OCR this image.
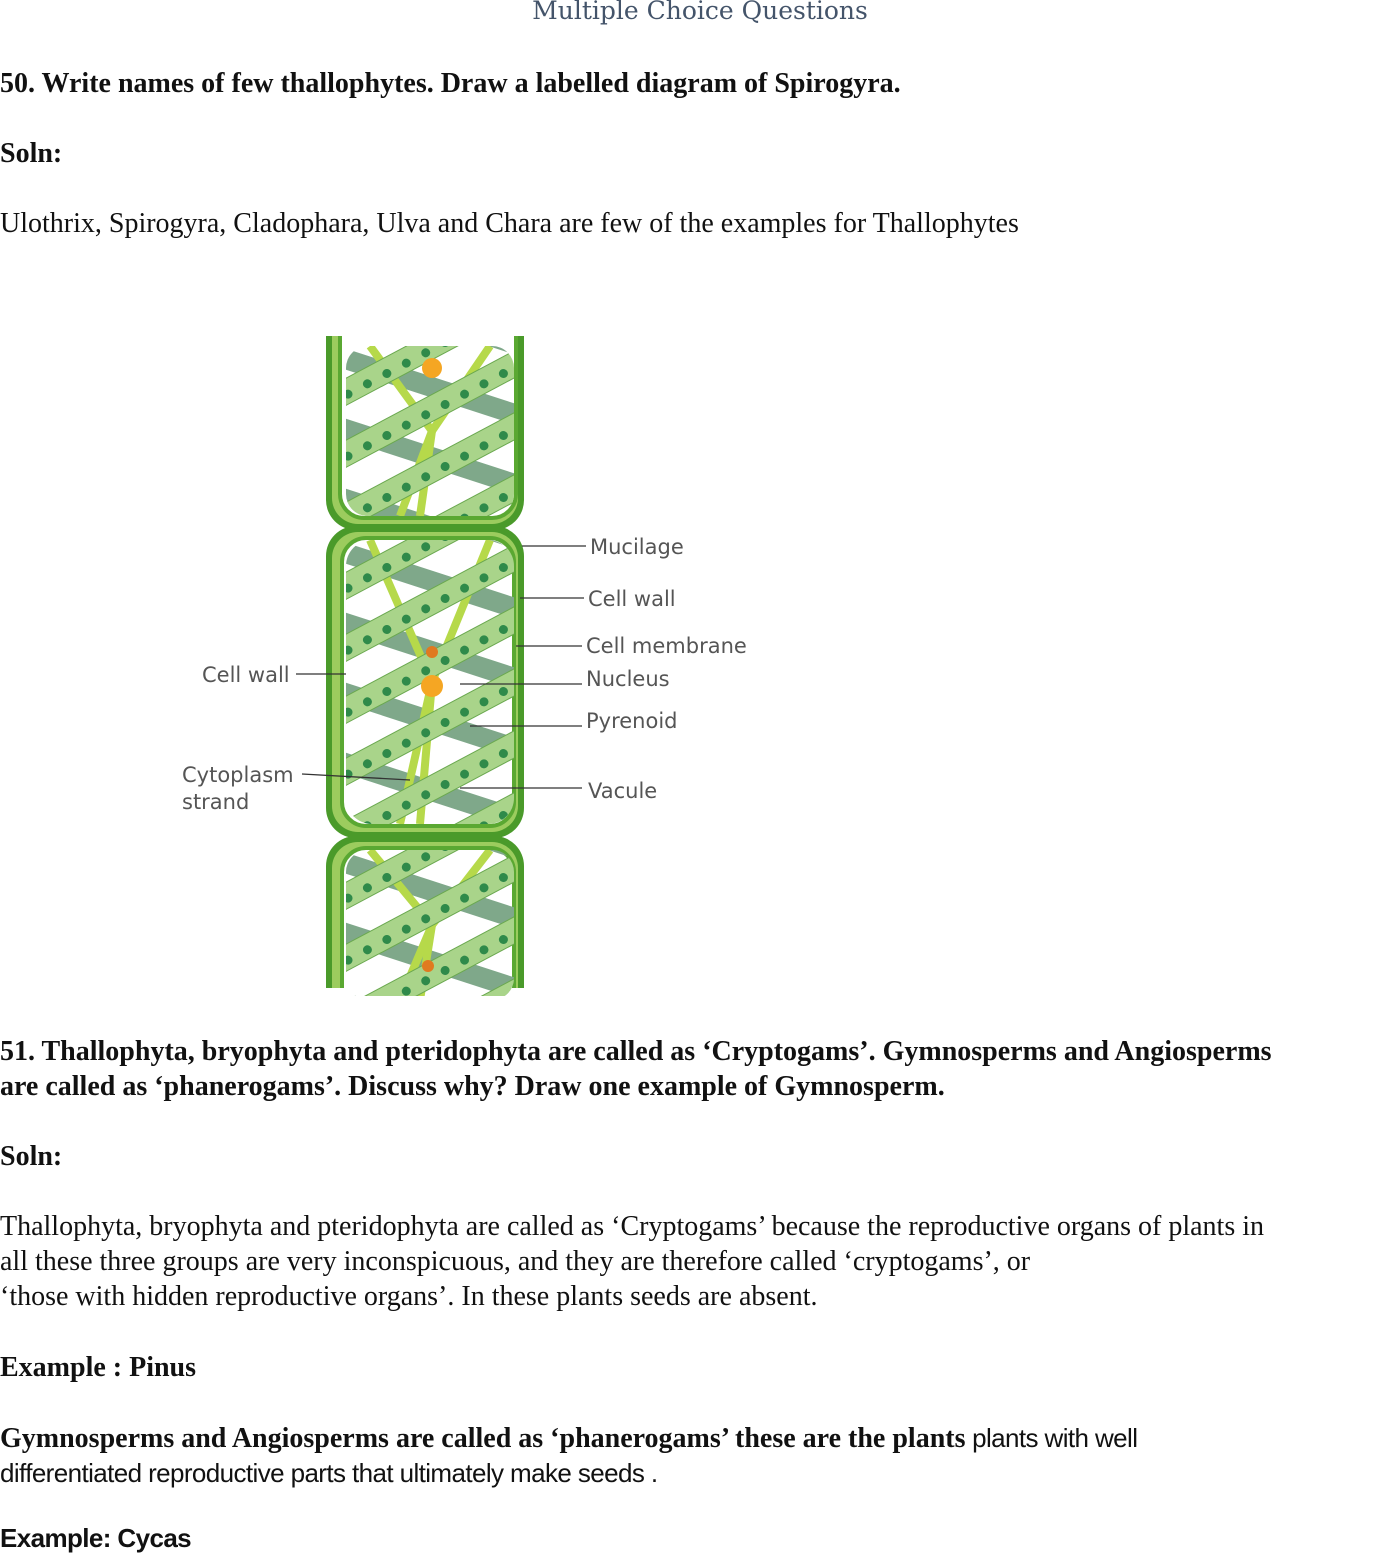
Multiple Choice Questions
50. Write names of few thallophytes. Draw a labelled diagram of Spirogyra.
Soln:
Ulothrix, Spirogyra, Cladophara, Ulva and Chara are few of the examples for Thallophytes
Mucilage
Cell wall
Cell membrane
Nucleus
Pyrenoid
Vacule
Cell wall
Cytoplasm
strand
51. Thallophyta, bryophyta and pteridophyta are called as ‘Cryptogams’. Gymnosperms and Angiosperms
are called as ‘phanerogams’. Discuss why? Draw one example of Gymnosperm.
Soln:
Thallophyta, bryophyta and pteridophyta are called as ‘Cryptogams’ because the reproductive organs of plants in
all these three groups are very inconspicuous, and they are therefore called ‘cryptogams’, or
‘those with hidden reproductive organs’. In these plants seeds are absent.
Example : Pinus
Gymnosperms and Angiosperms are called as ‘phanerogams’ these are the plants plants with well
differentiated reproductive parts that ultimately make seeds .
Example: Cycas
